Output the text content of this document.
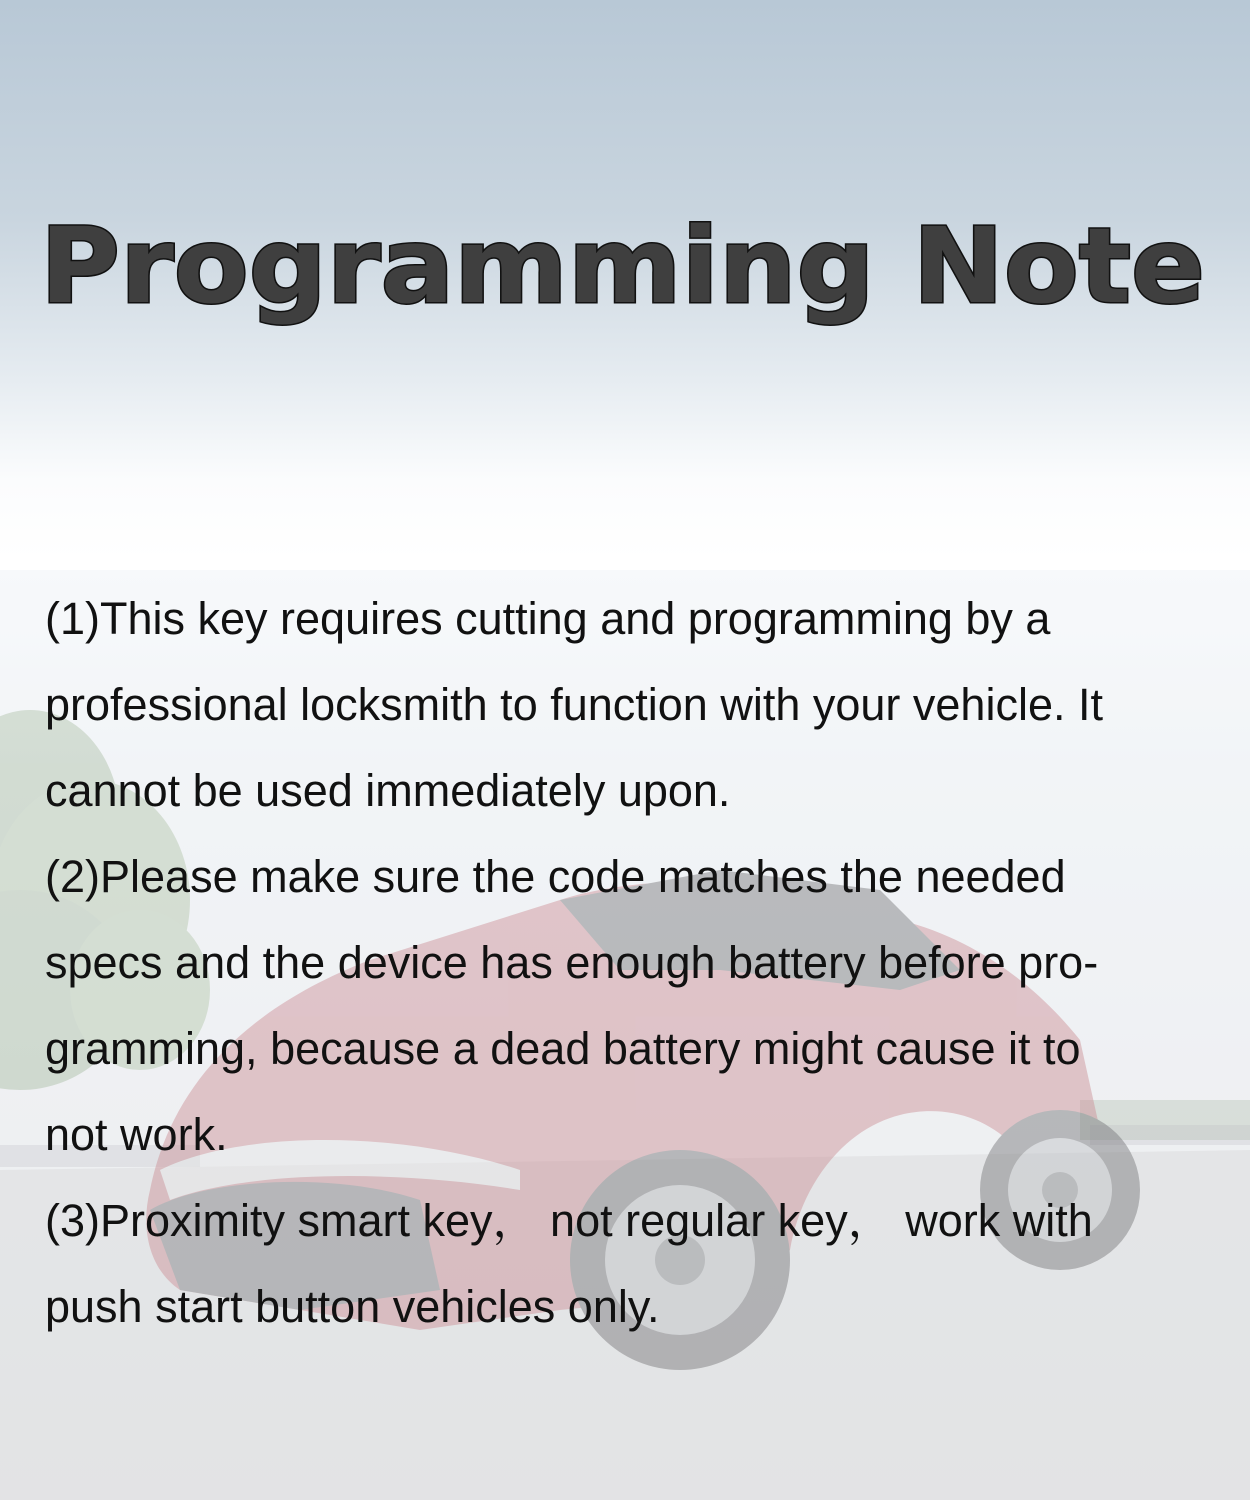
Programming Note
(1)This key requires cutting and programming by a
professional locksmith to function with your vehicle. It
cannot be used immediately upon.
(2)Please make sure the code matches the needed
specs and the device has enough battery before pro-
gramming, because a dead battery might cause it to
not work.
(3)Proximity smart key， not regular key， work with
push start button vehicles only.
